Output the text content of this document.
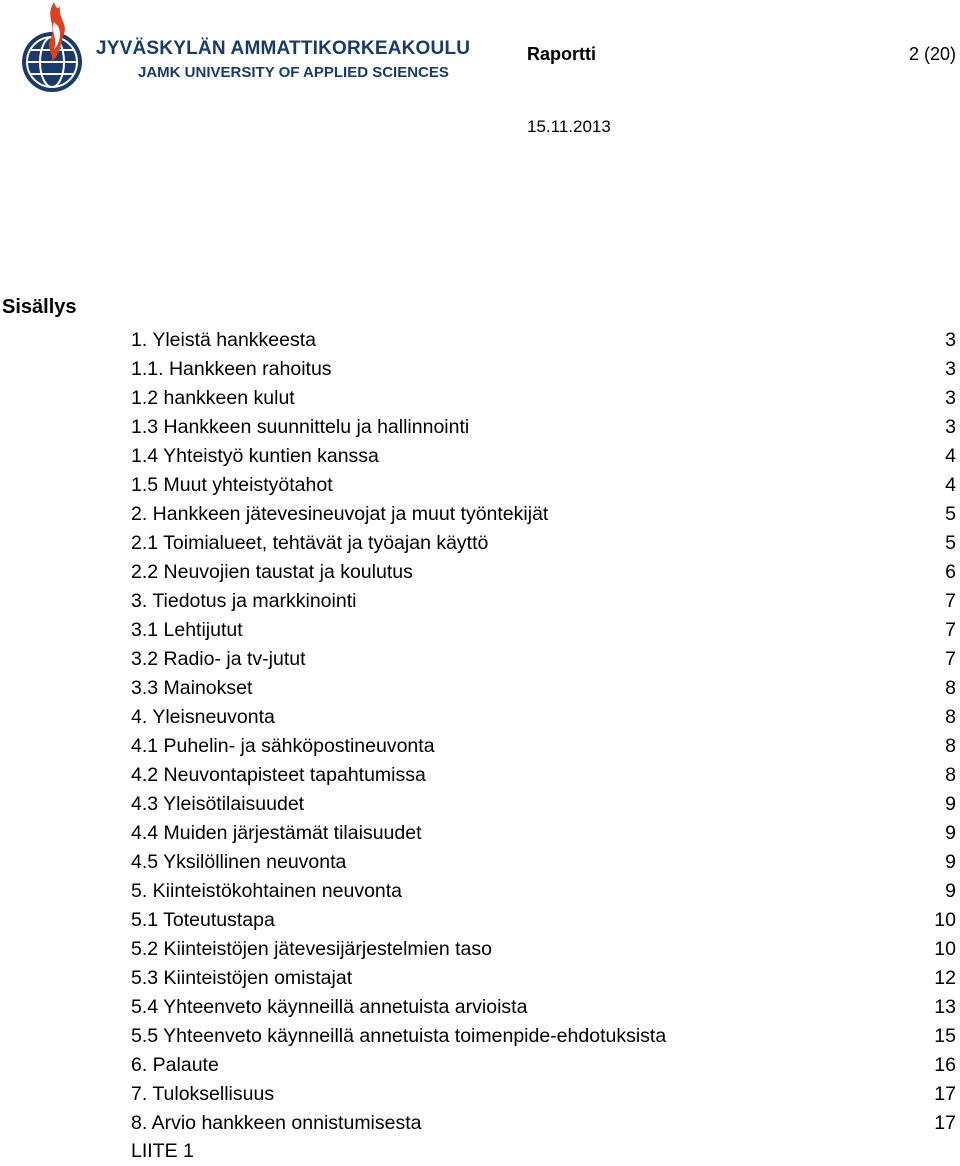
JYVÄSKYLÄN AMMATTIKORKEAKOULU
JAMK UNIVERSITY OF APPLIED SCIENCES
Raportti	2 (20)
15.11.2013
Sisällys
1. Yleistä hankkeesta	3
1.1. Hankkeen rahoitus	3
1.2 hankkeen kulut	3
1.3 Hankkeen suunnittelu ja hallinnointi	3
1.4 Yhteistyö kuntien kanssa	4
1.5 Muut yhteistyötahot	4
2. Hankkeen jätevesineuvojat ja muut työntekijät	5
2.1 Toimialueet, tehtävät ja työajan käyttö	5
2.2 Neuvojien taustat ja koulutus	6
3. Tiedotus ja markkinointi	7
3.1 Lehtijutut	7
3.2 Radio- ja tv-jutut	7
3.3 Mainokset	8
4. Yleisneuvonta	8
4.1 Puhelin- ja sähköpostineuvonta	8
4.2 Neuvontapisteet tapahtumissa	8
4.3 Yleisötilaisuudet	9
4.4 Muiden järjestämät tilaisuudet	9
4.5 Yksilöllinen neuvonta	9
5. Kiinteistökohtainen neuvonta	9
5.1 Toteutustapa	10
5.2 Kiinteistöjen jätevesijärjestelmien taso	10
5.3 Kiinteistöjen omistajat	12
5.4 Yhteenveto käynneillä annetuista arvioista	13
5.5 Yhteenveto käynneillä annetuista toimenpide-ehdotuksista	15
6. Palaute	16
7. Tuloksellisuus	17
8. Arvio hankkeen onnistumisesta	17
LIITE 1
